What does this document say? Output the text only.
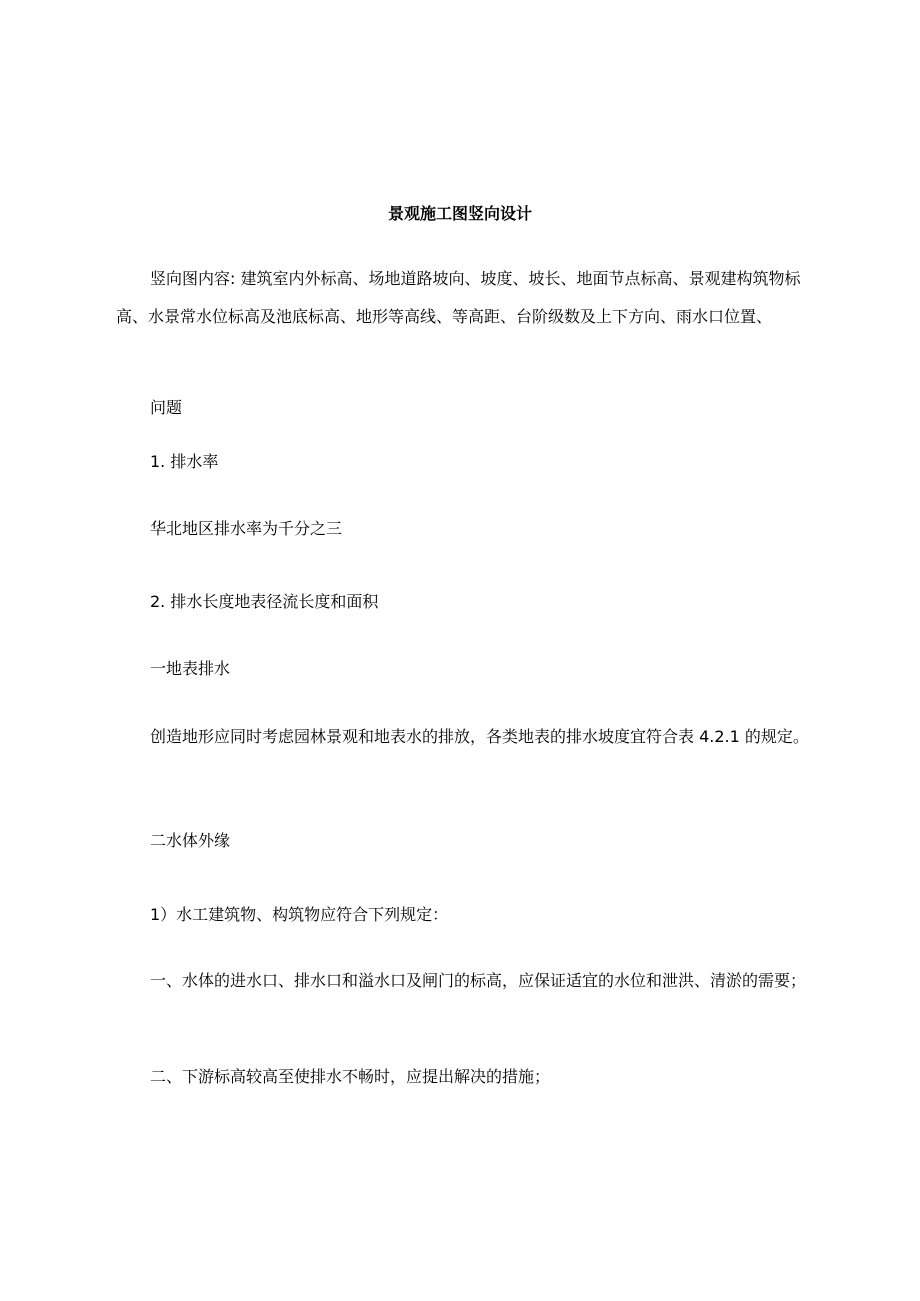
景观施工图竖向设计
竖向图内容: 建筑室内外标高、场地道路坡向、坡度、坡长、地面节点标高、景观建构筑物标高、水景常水位标高及池底标高、地形等高线、等高距、台阶级数及上下方向、雨水口位置、
问题
1. 排水率
华北地区排水率为千分之三
2. 排水长度地表径流长度和面积
一地表排水
创造地形应同时考虑园林景观和地表水的排放，各类地表的排水坡度宜符合表 4.2.1 的规定。
二水体外缘
1）水工建筑物、构筑物应符合下列规定：
一、水体的进水口、排水口和溢水口及闸门的标高，应保证适宜的水位和泄洪、清淤的需要；
二、下游标高较高至使排水不畅时，应提出解决的措施；
